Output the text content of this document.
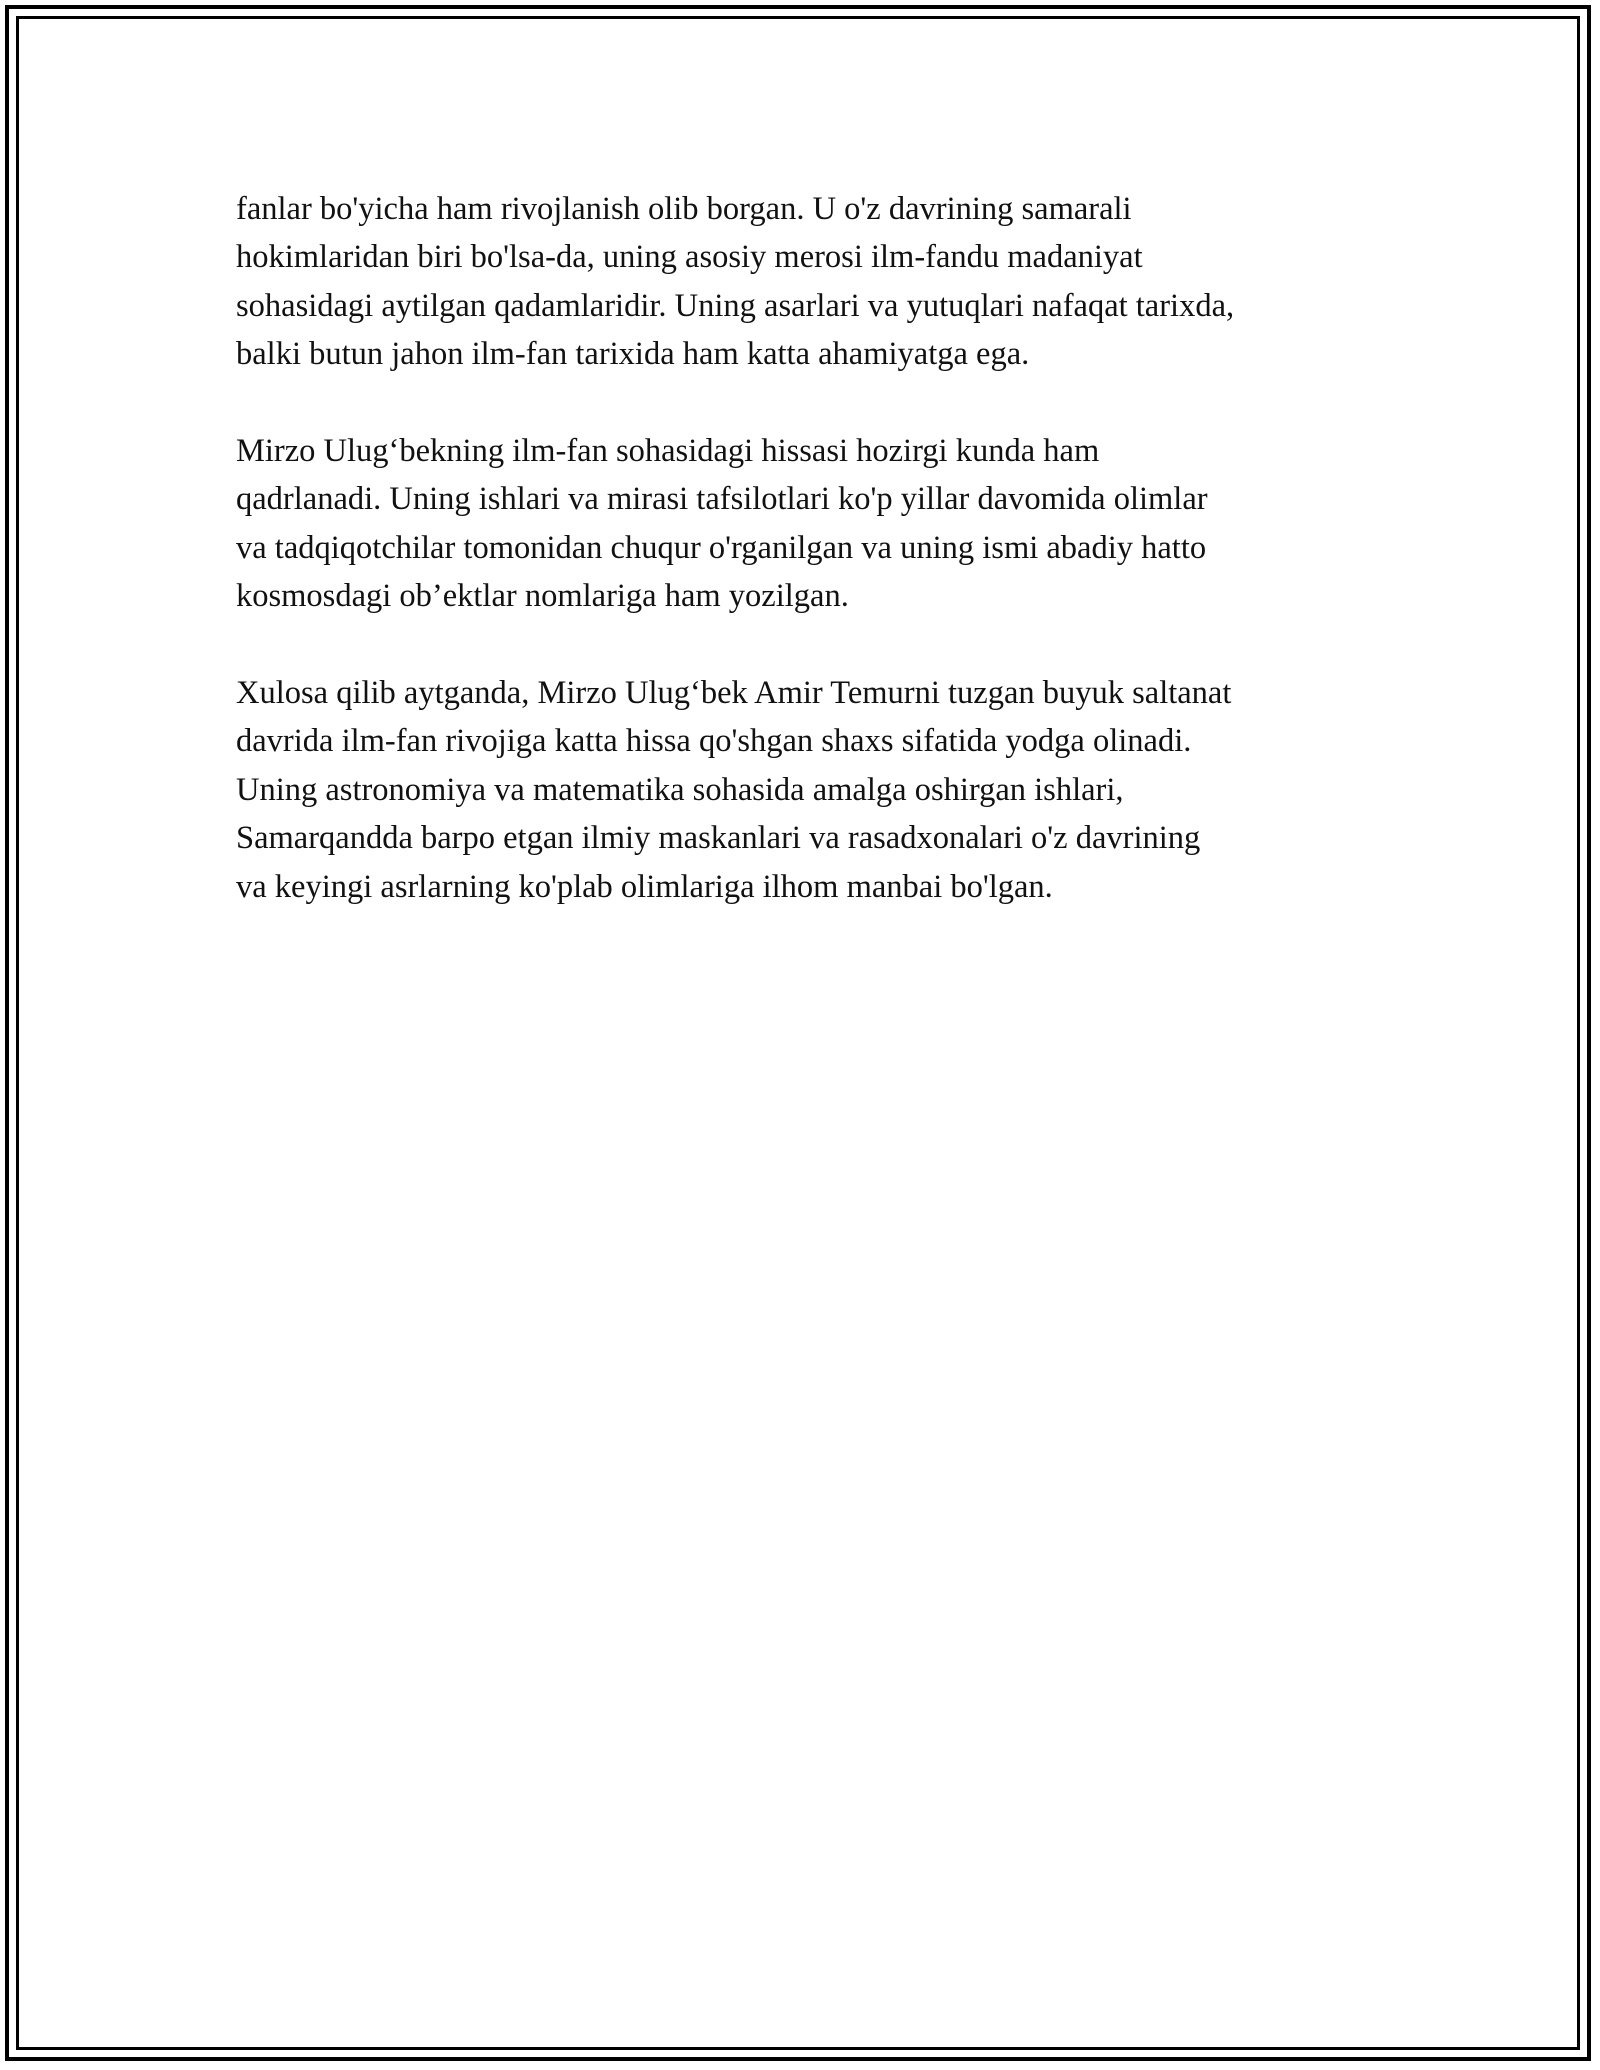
fanlar bo'yicha ham rivojlanish olib borgan. U o'z davrining samarali
hokimlaridan biri bo'lsa-da, uning asosiy merosi ilm-fandu madaniyat
sohasidagi aytilgan qadamlaridir. Uning asarlari va yutuqlari nafaqat tarixda,
balki butun jahon ilm-fan tarixida ham katta ahamiyatga ega.

Mirzo Ulug‘bekning ilm-fan sohasidagi hissasi hozirgi kunda ham
qadrlanadi. Uning ishlari va mirasi tafsilotlari ko'p yillar davomida olimlar
va tadqiqotchilar tomonidan chuqur o'rganilgan va uning ismi abadiy hatto
kosmosdagi ob’ektlar nomlariga ham yozilgan.

Xulosa qilib aytganda, Mirzo Ulug‘bek Amir Temurni tuzgan buyuk saltanat
davrida ilm-fan rivojiga katta hissa qo'shgan shaxs sifatida yodga olinadi.
Uning astronomiya va matematika sohasida amalga oshirgan ishlari,
Samarqandda barpo etgan ilmiy maskanlari va rasadxonalari o'z davrining
va keyingi asrlarning ko'plab olimlariga ilhom manbai bo'lgan.
